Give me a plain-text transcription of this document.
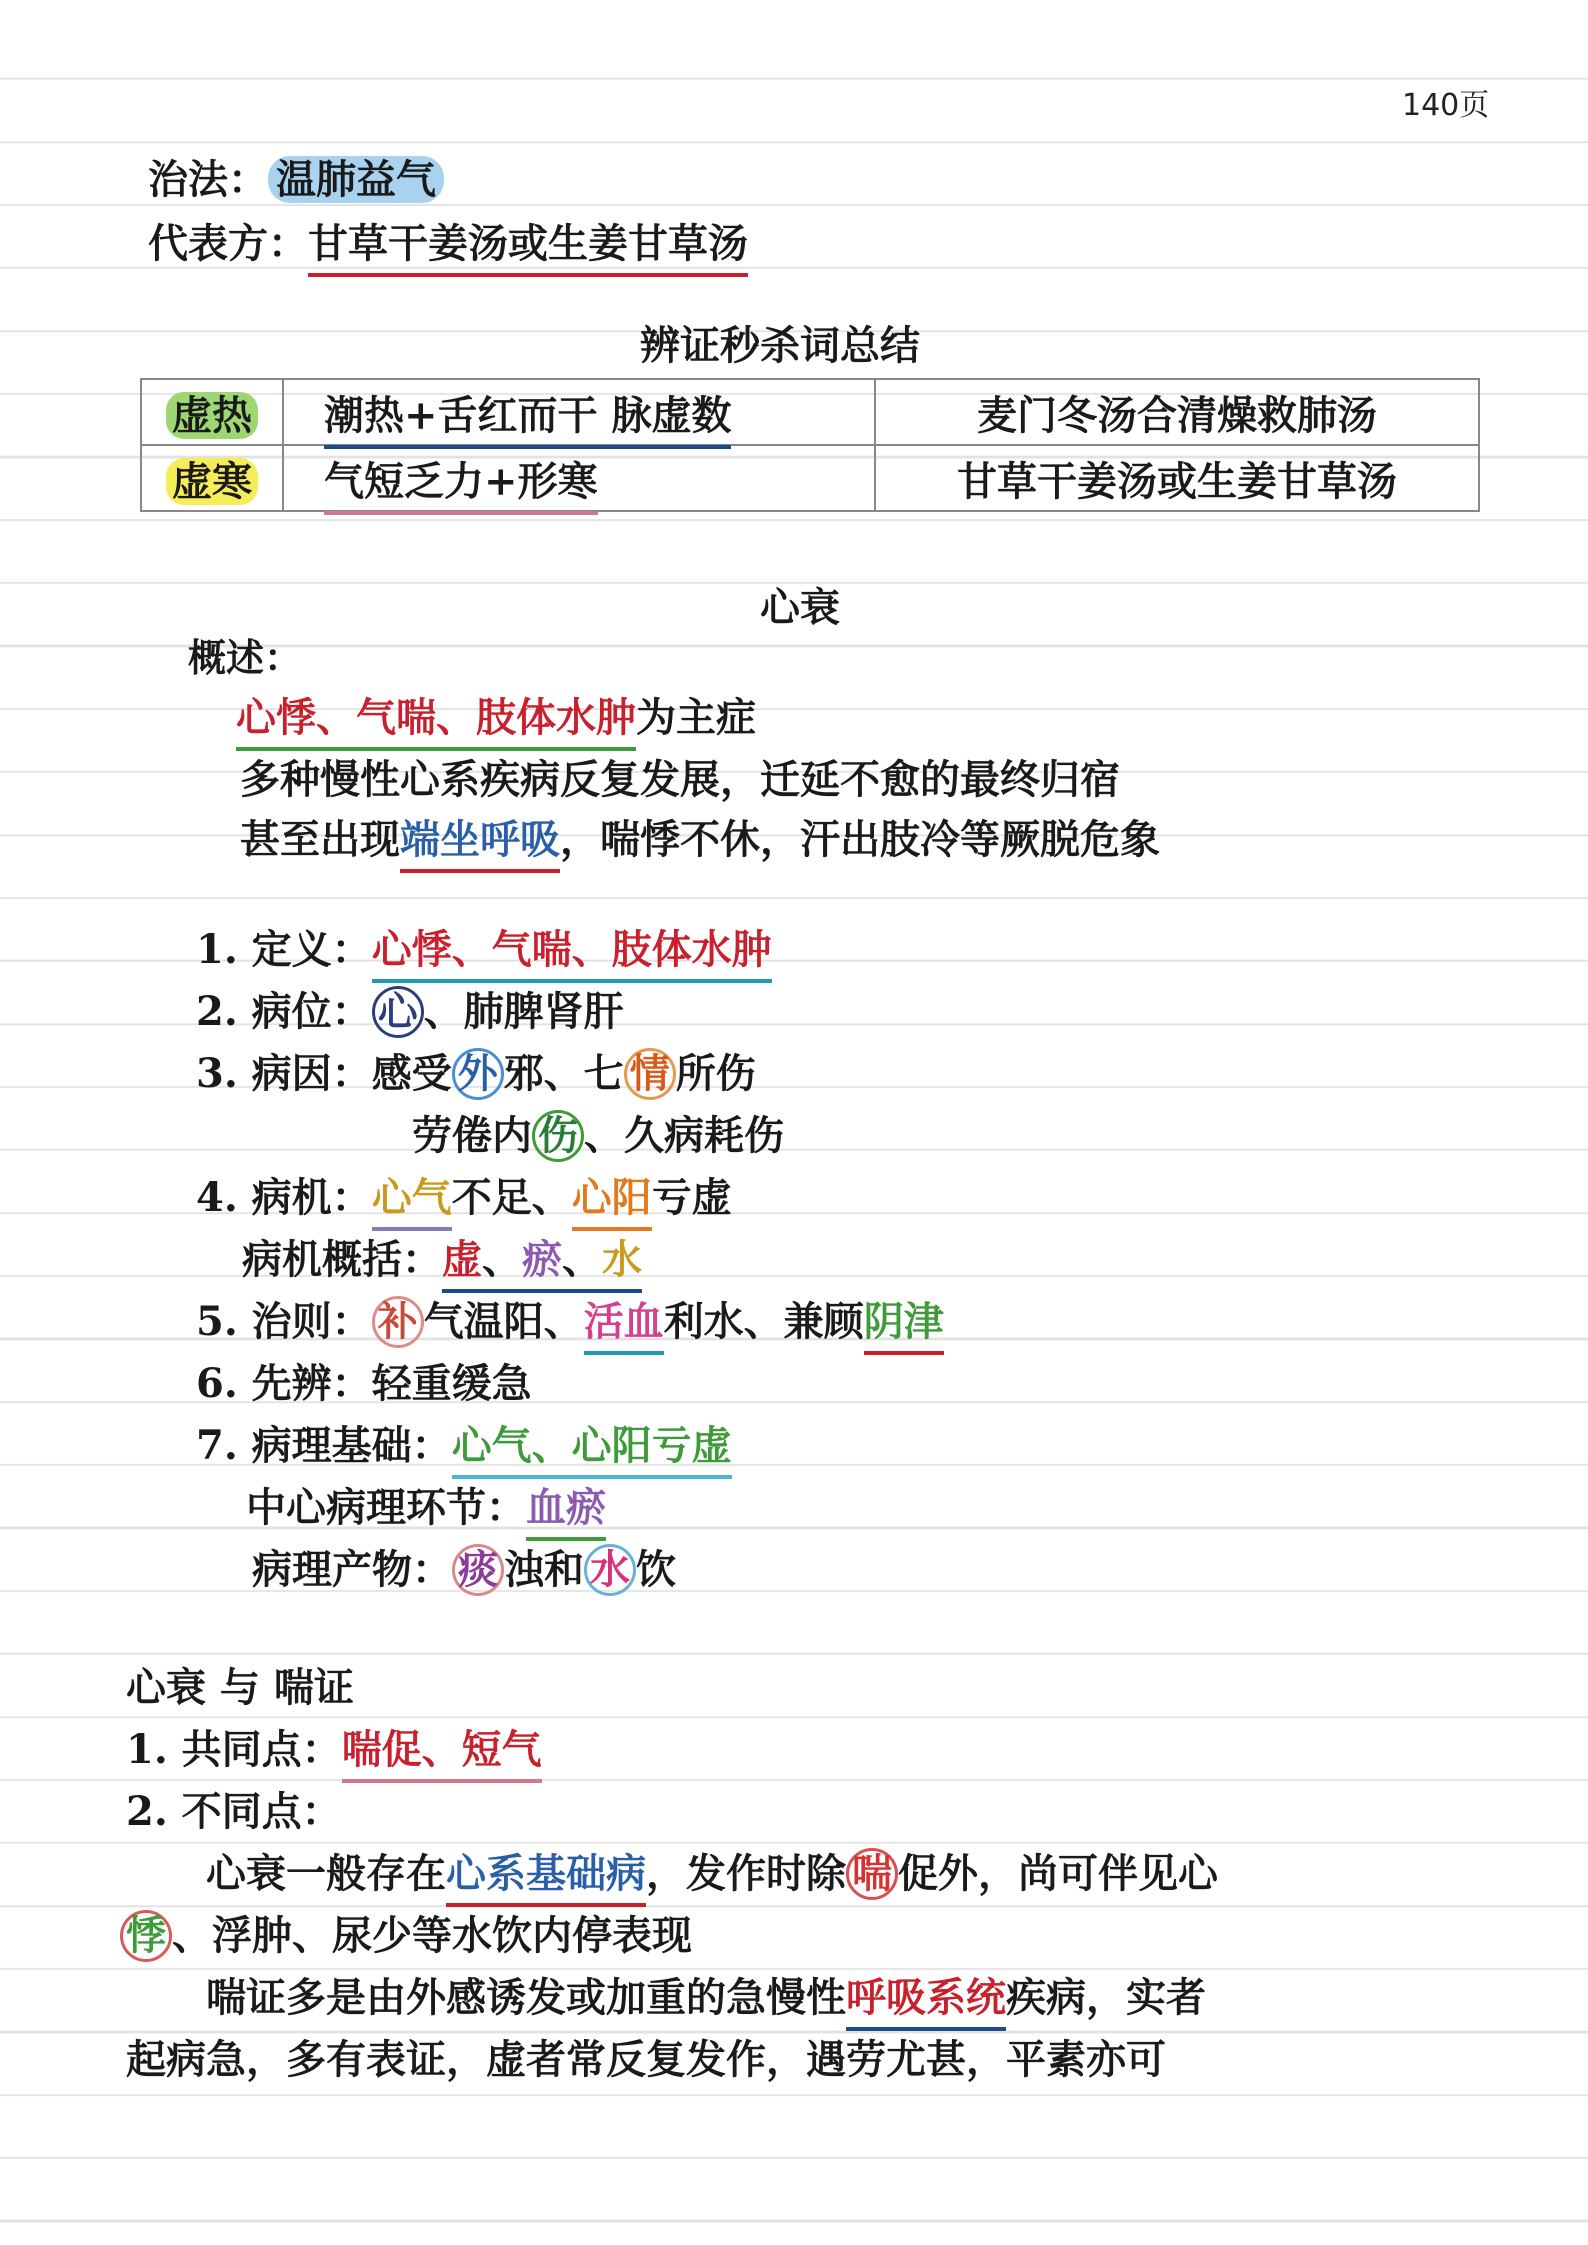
140页
治法： 温肺益气
代表方：甘草干姜汤或生姜甘草汤
辨证秒杀词总结
虚热	潮热+舌红而干 脉虚数	麦门冬汤合清燥救肺汤
虚寒	气短乏力+形寒	甘草干姜汤或生姜甘草汤
心衰
概述：
心悸、气喘、肢体水肿为主症
多种慢性心系疾病反复发展，迁延不愈的最终归宿
甚至出现端坐呼吸，喘悸不休，汗出肢冷等厥脱危象
1. 定义：心悸、气喘、肢体水肿
2. 病位： 心 、肺脾肾肝
3. 病因：感受 外 邪、七 情 所伤
劳倦内 伤 、久病耗伤
4. 病机：心气不足、心阳亏虚
病机概括：虚、瘀、水
5. 治则： 补 气温阳、活血利水、兼顾阴津
6. 先辨：轻重缓急
7. 病理基础：心气、心阳亏虚
中心病理环节：血瘀
病理产物： 痰 浊和 水 饮
心衰 与 喘证
1. 共同点：喘促、短气
2. 不同点：
心衰一般存在心系基础病，发作时除 喘 促外，尚可伴见心
悸 、浮肿、尿少等水饮内停表现
喘证多是由外感诱发或加重的急慢性呼吸系统疾病，实者
起病急，多有表证，虚者常反复发作，遇劳尤甚，平素亦可
